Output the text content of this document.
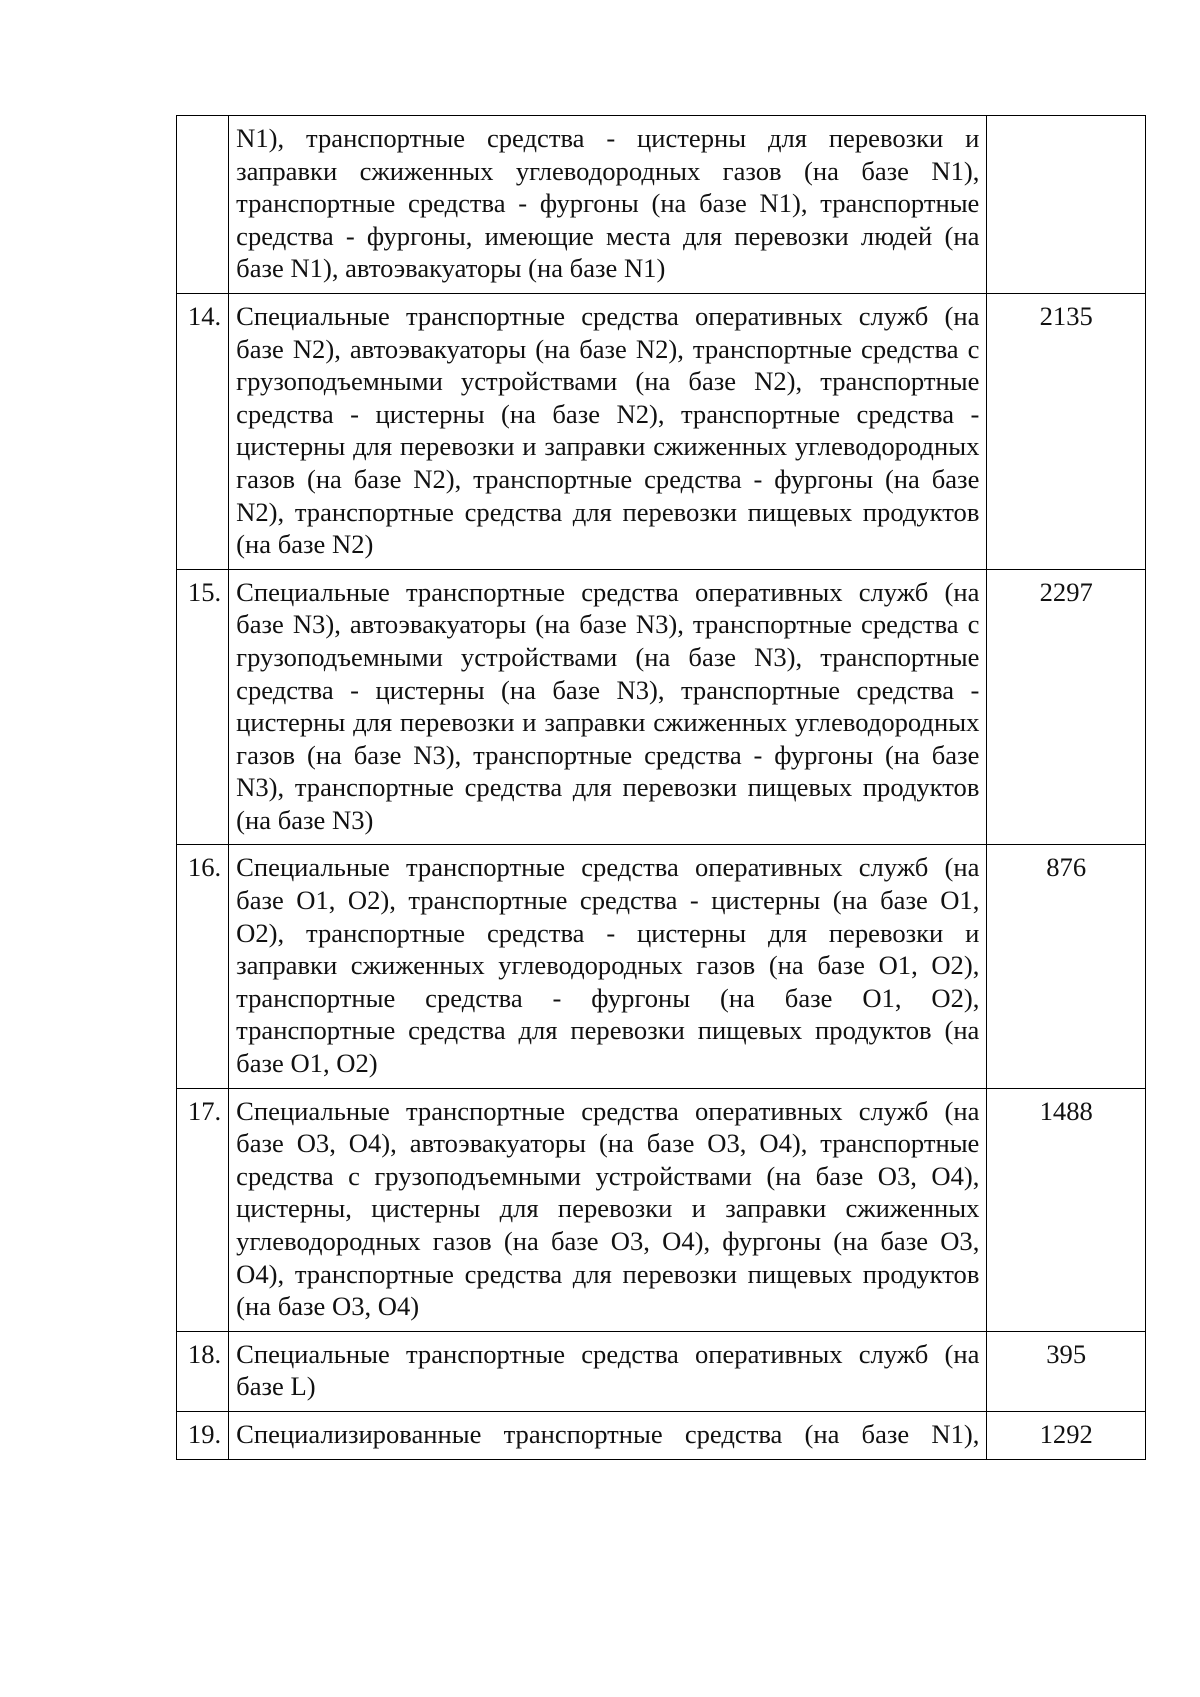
	N1), транспортные средства - цистерны для перевозки и заправки сжиженных углеводородных газов (на базе N1), транспортные средства - фургоны (на базе N1), транспортные средства - фургоны, имеющие места для перевозки людей (на базе N1), автоэвакуаторы (на базе N1)	
14.	Специальные транспортные средства оперативных служб (на базе N2), автоэвакуаторы (на базе N2), транспортные средства с грузоподъемными устройствами (на базе N2), транспортные средства - цистерны (на базе N2), транспортные средства - цистерны для перевозки и заправки сжиженных углеводородных газов (на базе N2), транспортные средства - фургоны (на базе N2), транспортные средства для перевозки пищевых продуктов (на базе N2)	2135
15.	Специальные транспортные средства оперативных служб (на базе N3), автоэвакуаторы (на базе N3), транспортные средства с грузоподъемными устройствами (на базе N3), транспортные средства - цистерны (на базе N3), транспортные средства - цистерны для перевозки и заправки сжиженных углеводородных газов (на базе N3), транспортные средства - фургоны (на базе N3), транспортные средства для перевозки пищевых продуктов (на базе N3)	2297
16.	Специальные транспортные средства оперативных служб (на базе O1, O2), транспортные средства - цистерны (на базе O1, O2), транспортные средства - цистерны для перевозки и заправки сжиженных углеводородных газов (на базе O1, O2), транспортные средства - фургоны (на базе O1, O2), транспортные средства для перевозки пищевых продуктов (на базе O1, O2)	876
17.	Специальные транспортные средства оперативных служб (на базе O3, O4), автоэвакуаторы (на базе O3, O4), транспортные средства с грузоподъемными устройствами (на базе O3, O4), цистерны, цистерны для перевозки и заправки сжиженных углеводородных газов (на базе O3, O4), фургоны (на базе O3, O4), транспортные средства для перевозки пищевых продуктов (на базе O3, O4)	1488
18.	Специальные транспортные средства оперативных служб (на базе L)	395
19.	Специализированные транспортные средства (на базе N1),	1292
